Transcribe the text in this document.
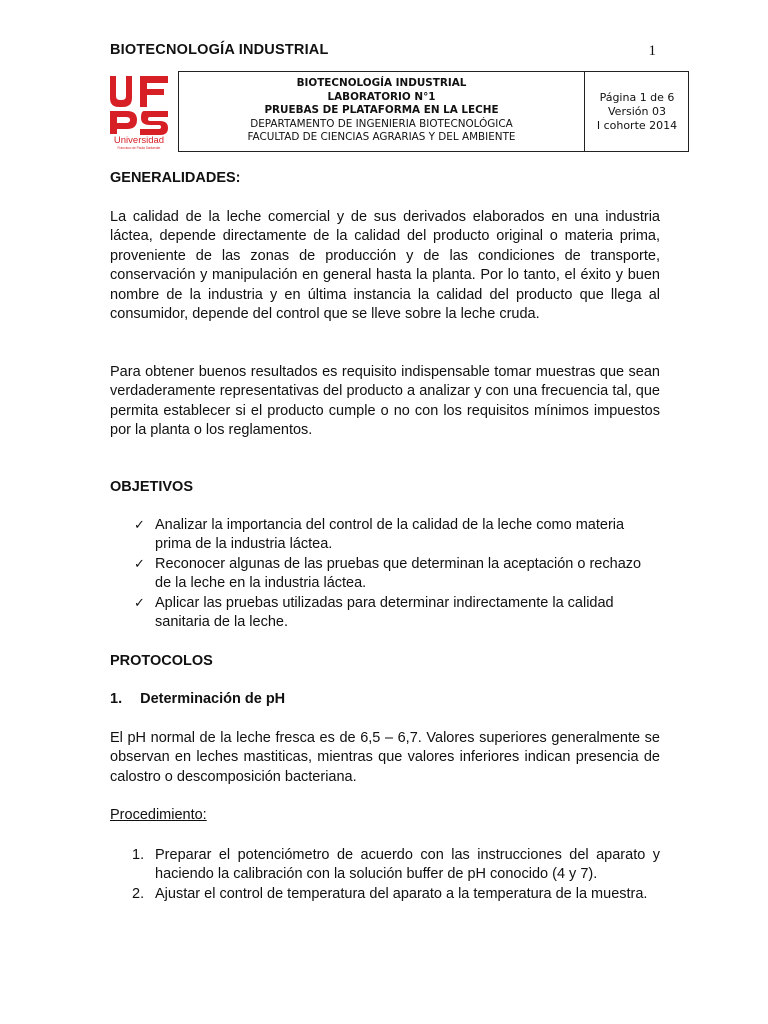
BIOTECNOLOGÍA INDUSTRIAL	1
Universidad
Francisco de Paula Santander
BIOTECNOLOGÍA INDUSTRIAL
LABORATORIO N°1
PRUEBAS DE PLATAFORMA EN LA LECHE
DEPARTAMENTO DE INGENIERIA BIOTECNOLÓGICA
FACULTAD DE CIENCIAS AGRARIAS Y DEL AMBIENTE
Página 1 de 6
Versión 03
I cohorte 2014
GENERALIDADES:
La calidad de la leche comercial y de sus derivados elaborados en una industria láctea, depende directamente de la calidad del producto original o materia prima, proveniente de las zonas de producción y de las condiciones de transporte, conservación y manipulación en general hasta la planta. Por lo tanto, el éxito y buen nombre de la industria y en última instancia la calidad del producto que llega al consumidor, depende del control que se lleve sobre la leche cruda.
Para obtener buenos resultados es requisito indispensable tomar muestras que sean verdaderamente representativas del producto a analizar y con una frecuencia tal, que permita establecer si el producto cumple o no con los requisitos mínimos impuestos por la planta o los reglamentos.
OBJETIVOS
✓ Analizar la importancia del control de la calidad de la leche como materia prima de la industria láctea.
✓ Reconocer algunas de las pruebas que determinan la aceptación o rechazo de la leche en la industria láctea.
✓ Aplicar las pruebas utilizadas para determinar indirectamente la calidad sanitaria de la leche.
PROTOCOLOS
1. Determinación de pH
El pH normal de la leche fresca es de 6,5 – 6,7. Valores superiores generalmente se observan en leches mastiticas, mientras que valores inferiores indican presencia de calostro o descomposición bacteriana.
Procedimiento:
1. Preparar el potenciómetro de acuerdo con las instrucciones del aparato y haciendo la calibración con la solución buffer de pH conocido (4 y 7).
2. Ajustar el control de temperatura del aparato a la temperatura de la muestra.
